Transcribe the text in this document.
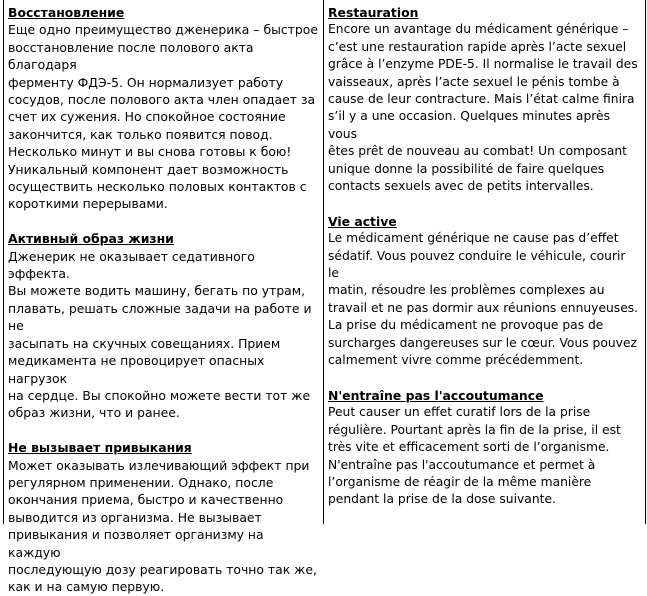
Восстановление

Еще одно преимущество дженерика – быстрое
восстановление после полового акта благодаря
ферменту ФДЭ-5. Он нормализует работу
сосудов, после полового акта член опадает за
счет их сужения. Но спокойное состояние
закончится, как только появится повод.
Несколько минут и вы снова готовы к бою!
Уникальный компонент дает возможность
осуществить несколько половых контактов с
короткими перерывами.

Активный образ жизни

Дженерик не оказывает седативного эффекта.
Вы можете водить машину, бегать по утрам,
плавать, решать сложные задачи на работе и не
засыпать на скучных совещаниях. Прием
медикамента не провоцирует опасных нагрузок
на сердце. Вы спокойно можете вести тот же
образ жизни, что и ранее.

Не вызывает привыкания

Может оказывать излечивающий эффект при
регулярном применении. Однако, после
окончания приема, быстро и качественно
выводится из организма. Не вызывает
привыкания и позволяет организму на каждую
последующую дозу реагировать точно так же,
как и на самую первую.

Restauration

Encore un avantage du médicament générique –
c’est une restauration rapide après l’acte sexuel
grâce à l’enzyme PDE-5. Il normalise le travail des
vaisseaux, après l’acte sexuel le pénis tombe à
cause de leur contracture. Mais l’état calme finira
s’il y a une occasion. Quelques minutes après vous
êtes prêt de nouveau au combat! Un composant
unique donne la possibilité de faire quelques
contacts sexuels avec de petits intervalles.

Vie active

Le médicament générique ne cause pas d’effet
sédatif. Vous pouvez conduire le véhicule, courir le
matin, résoudre les problèmes complexes au
travail et ne pas dormir aux réunions ennuyeuses.
La prise du médicament ne provoque pas de
surcharges dangereuses sur le cœur. Vous pouvez
calmement vivre comme précédemment.

N'entraîne pas l'accoutumance

Peut causer un effet curatif lors de la prise
régulière. Pourtant après la fin de la prise, il est
très vite et efficacement sorti de l’organisme.
N'entraîne pas l'accoutumance et permet à
l’organisme de réagir de la même manière
pendant la prise de la dose suivante.
